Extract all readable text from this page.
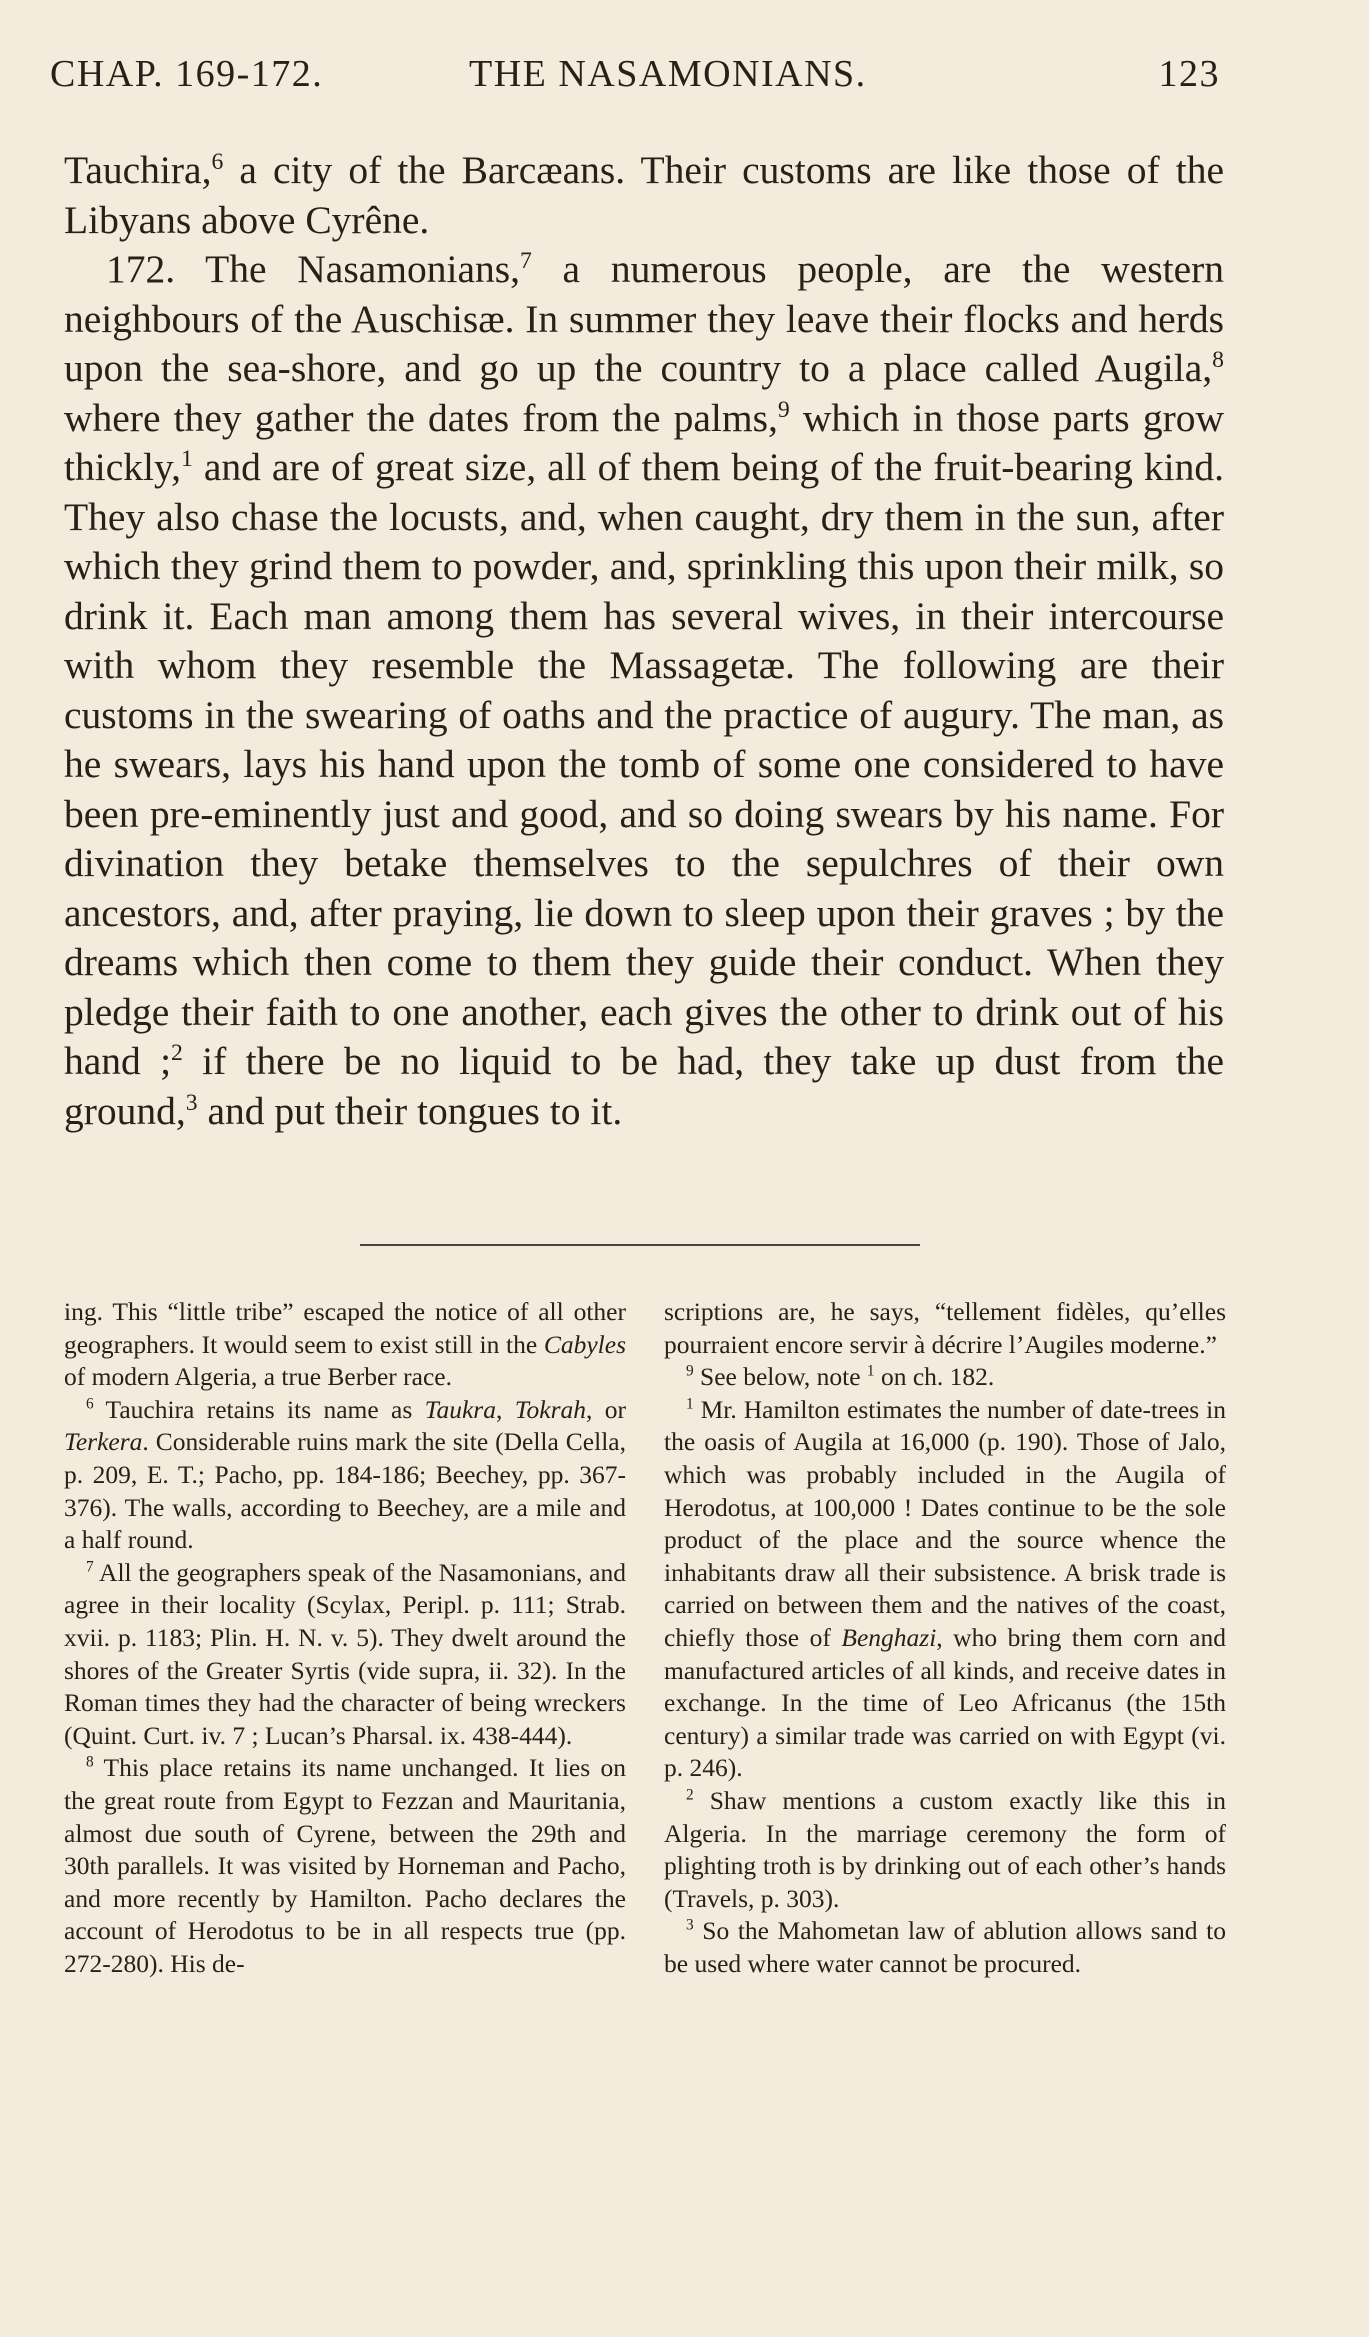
CHAP. 169-172.	THE NASAMONIANS.	123

Tauchira,$^6$ a city of the Barcæans. Their customs are like those of the Libyans above Cyrêne.

172. The Nasamonians,$^7$ a numerous people, are the western neighbours of the Auschisæ. In summer they leave their flocks and herds upon the sea-shore, and go up the country to a place called Augila,$^8$ where they gather the dates from the palms,$^9$ which in those parts grow thickly,$^1$ and are of great size, all of them being of the fruit-bearing kind. They also chase the locusts, and, when caught, dry them in the sun, after which they grind them to powder, and, sprinkling this upon their milk, so drink it. Each man among them has several wives, in their intercourse with whom they resemble the Massagetæ. The following are their customs in the swearing of oaths and the practice of augury. The man, as he swears, lays his hand upon the tomb of some one considered to have been pre-eminently just and good, and so doing swears by his name. For divination they betake themselves to the sepulchres of their own ancestors, and, after praying, lie down to sleep upon their graves ; by the dreams which then come to them they guide their conduct. When they pledge their faith to one another, each gives the other to drink out of his hand ;$^2$ if there be no liquid to be had, they take up dust from the ground,$^3$ and put their tongues to it.

ing. This “little tribe” escaped the notice of all other geographers. It would seem to exist still in the Cabyles of modern Algeria, a true Berber race.

$^6$ Tauchira retains its name as Taukra, Tokrah, or Terkera. Considerable ruins mark the site (Della Cella, p. 209, E. T.; Pacho, pp. 184-186; Beechey, pp. 367-376). The walls, according to Beechey, are a mile and a half round.

$^7$ All the geographers speak of the Nasamonians, and agree in their locality (Scylax, Peripl. p. 111; Strab. xvii. p. 1183; Plin. H. N. v. 5). They dwelt around the shores of the Greater Syrtis (vide supra, ii. 32). In the Roman times they had the character of being wreckers (Quint. Curt. iv. 7 ; Lucan’s Pharsal. ix. 438-444).

$^8$ This place retains its name unchanged. It lies on the great route from Egypt to Fezzan and Mauritania, almost due south of Cyrene, between the 29th and 30th parallels. It was visited by Horneman and Pacho, and more recently by Hamilton. Pacho declares the account of Herodotus to be in all respects true (pp. 272-280). His de-

scriptions are, he says, “tellement fidèles, qu’elles pourraient encore servir à décrire l’Augiles moderne.”

$^9$ See below, note $^1$ on ch. 182.

$^1$ Mr. Hamilton estimates the number of date-trees in the oasis of Augila at 16,000 (p. 190). Those of Jalo, which was probably included in the Augila of Herodotus, at 100,000 ! Dates continue to be the sole product of the place and the source whence the inhabitants draw all their subsistence. A brisk trade is carried on between them and the natives of the coast, chiefly those of Benghazi, who bring them corn and manufactured articles of all kinds, and receive dates in exchange. In the time of Leo Africanus (the 15th century) a similar trade was carried on with Egypt (vi. p. 246).

$^2$ Shaw mentions a custom exactly like this in Algeria. In the marriage ceremony the form of plighting troth is by drinking out of each other’s hands (Travels, p. 303).

$^3$ So the Mahometan law of ablution allows sand to be used where water cannot be procured.
